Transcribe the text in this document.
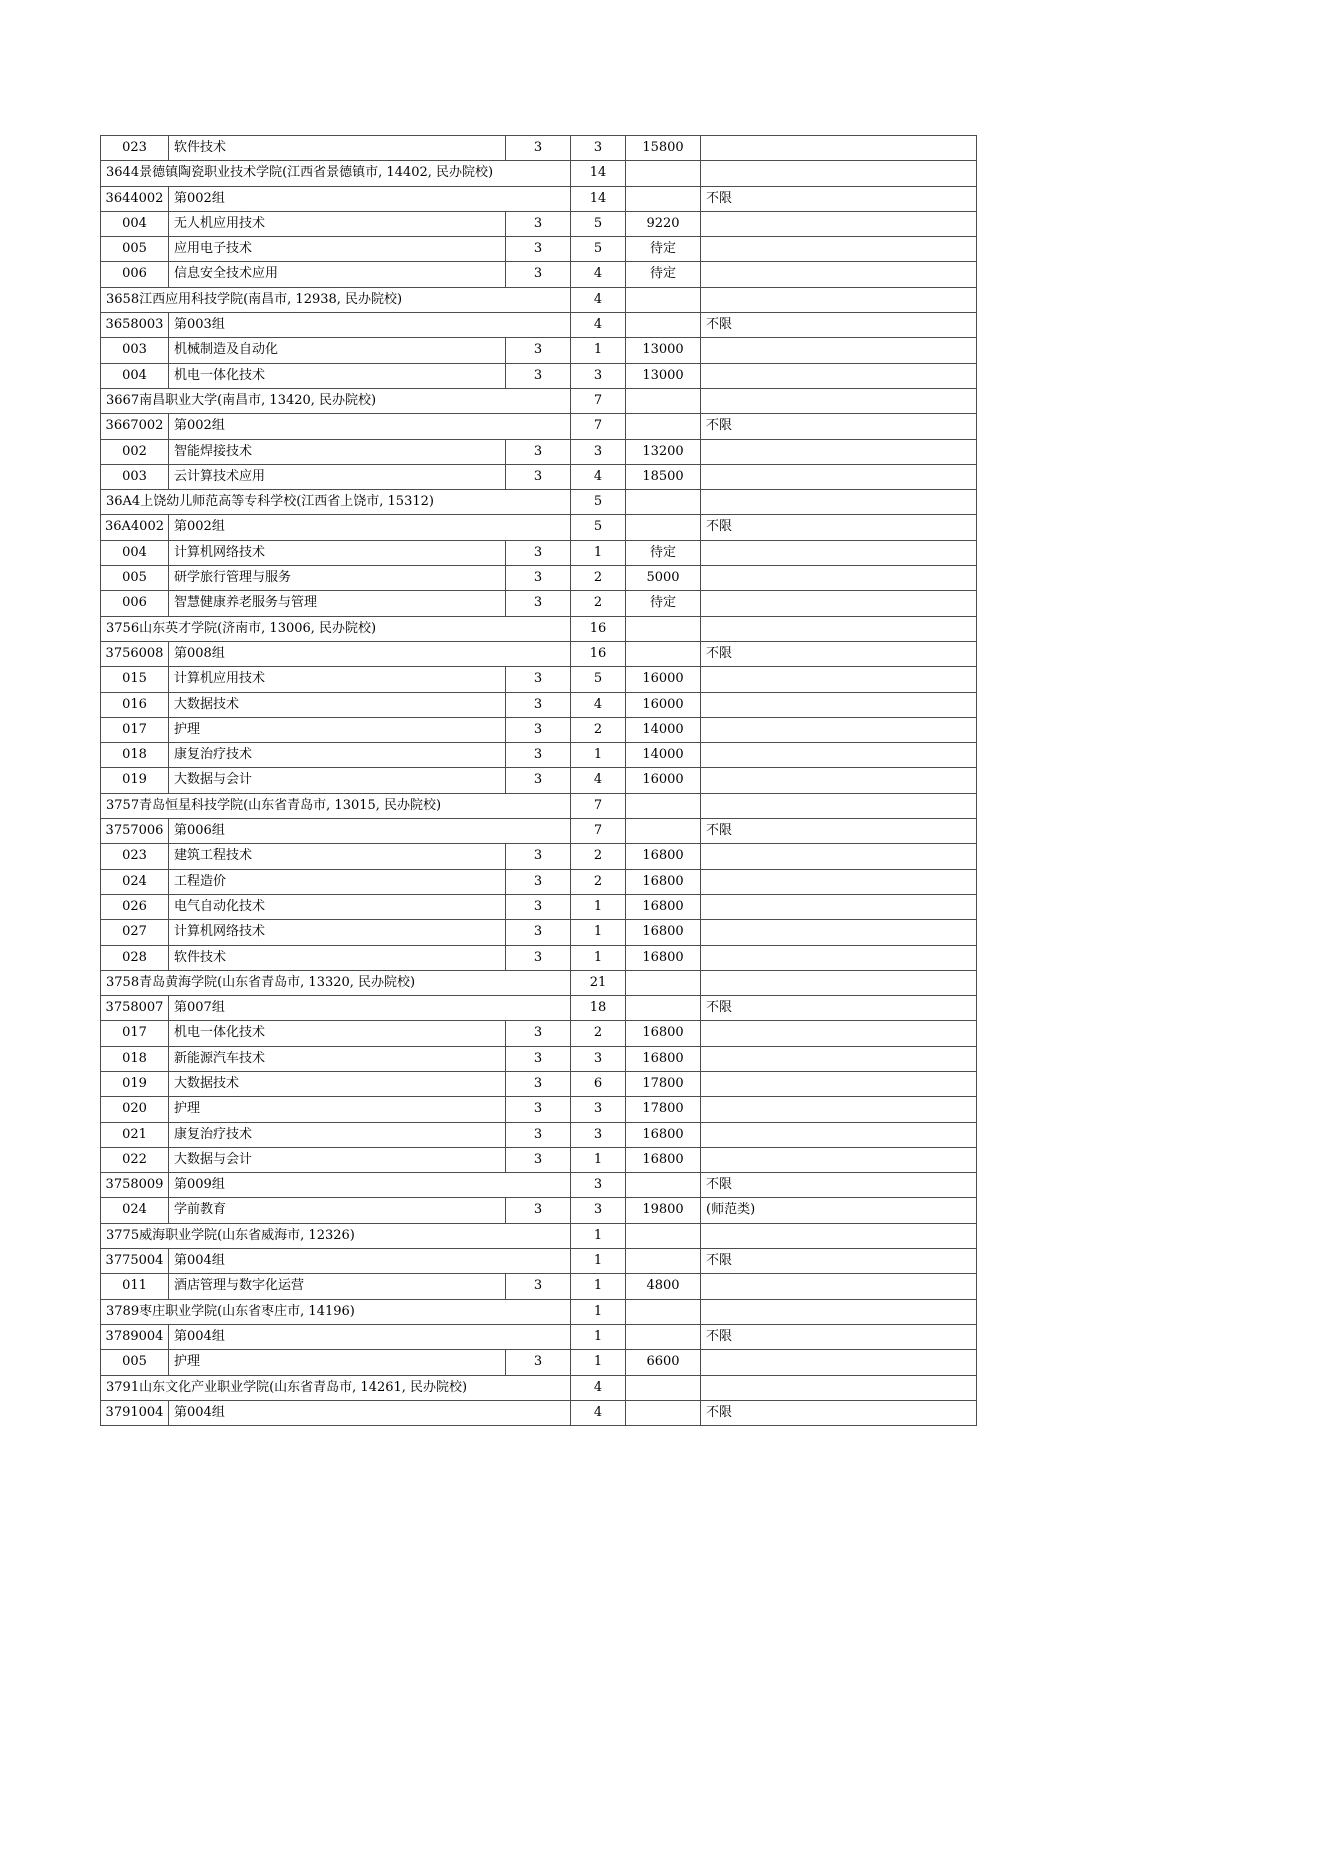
023	软件技术	3	3	15800	
3644景德镇陶瓷职业技术学院(江西省景德镇市, 14402, 民办院校)			14		
3644002	第002组		14		不限
004	无人机应用技术	3	5	9220	
005	应用电子技术	3	5	待定	
006	信息安全技术应用	3	4	待定	
3658江西应用科技学院(南昌市, 12938, 民办院校)			4		
3658003	第003组		4		不限
003	机械制造及自动化	3	1	13000	
004	机电一体化技术	3	3	13000	
3667南昌职业大学(南昌市, 13420, 民办院校)			7		
3667002	第002组		7		不限
002	智能焊接技术	3	3	13200	
003	云计算技术应用	3	4	18500	
36A4上饶幼儿师范高等专科学校(江西省上饶市, 15312)			5		
36A4002	第002组		5		不限
004	计算机网络技术	3	1	待定	
005	研学旅行管理与服务	3	2	5000	
006	智慧健康养老服务与管理	3	2	待定	
3756山东英才学院(济南市, 13006, 民办院校)			16		
3756008	第008组		16		不限
015	计算机应用技术	3	5	16000	
016	大数据技术	3	4	16000	
017	护理	3	2	14000	
018	康复治疗技术	3	1	14000	
019	大数据与会计	3	4	16000	
3757青岛恒星科技学院(山东省青岛市, 13015, 民办院校)			7		
3757006	第006组		7		不限
023	建筑工程技术	3	2	16800	
024	工程造价	3	2	16800	
026	电气自动化技术	3	1	16800	
027	计算机网络技术	3	1	16800	
028	软件技术	3	1	16800	
3758青岛黄海学院(山东省青岛市, 13320, 民办院校)			21		
3758007	第007组		18		不限
017	机电一体化技术	3	2	16800	
018	新能源汽车技术	3	3	16800	
019	大数据技术	3	6	17800	
020	护理	3	3	17800	
021	康复治疗技术	3	3	16800	
022	大数据与会计	3	1	16800	
3758009	第009组		3		不限
024	学前教育	3	3	19800	(师范类)
3775威海职业学院(山东省威海市, 12326)			1		
3775004	第004组		1		不限
011	酒店管理与数字化运营	3	1	4800	
3789枣庄职业学院(山东省枣庄市, 14196)			1		
3789004	第004组		1		不限
005	护理	3	1	6600	
3791山东文化产业职业学院(山东省青岛市, 14261, 民办院校)			4		
3791004	第004组		4		不限
